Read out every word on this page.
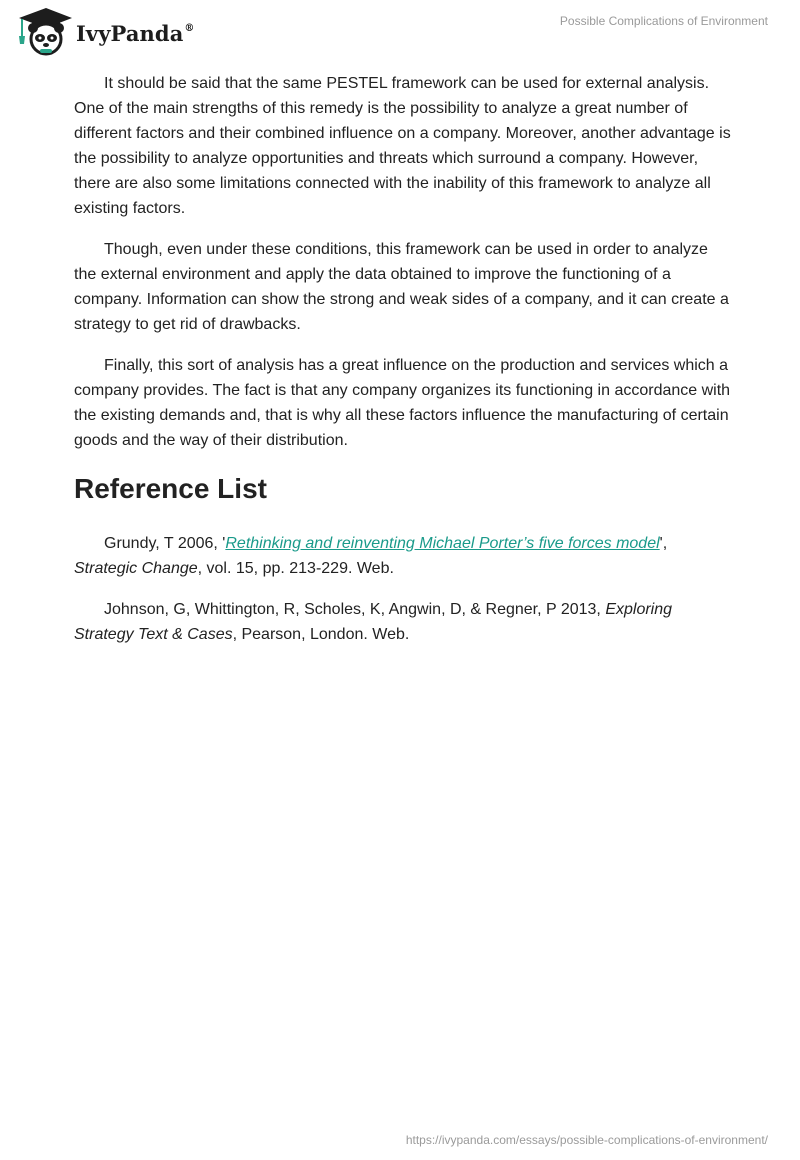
IvyPanda®	Possible Complications of Environment

It should be said that the same PESTEL framework can be used for external analysis. One of the main strengths of this remedy is the possibility to analyze a great number of different factors and their combined influence on a company. Moreover, another advantage is the possibility to analyze opportunities and threats which surround a company. However, there are also some limitations connected with the inability of this framework to analyze all existing factors.

Though, even under these conditions, this framework can be used in order to analyze the external environment and apply the data obtained to improve the functioning of a company. Information can show the strong and weak sides of a company, and it can create a strategy to get rid of drawbacks.

Finally, this sort of analysis has a great influence on the production and services which a company provides. The fact is that any company organizes its functioning in accordance with the existing demands and, that is why all these factors influence the manufacturing of certain goods and the way of their distribution.

Reference List
Grundy, T 2006, 'Rethinking and reinventing Michael Porter’s five forces model', Strategic Change, vol. 15, pp. 213-229. Web.
Johnson, G, Whittington, R, Scholes, K, Angwin, D, & Regner, P 2013, Exploring Strategy Text & Cases, Pearson, London. Web.
https://ivypanda.com/essays/possible-complications-of-environment/
